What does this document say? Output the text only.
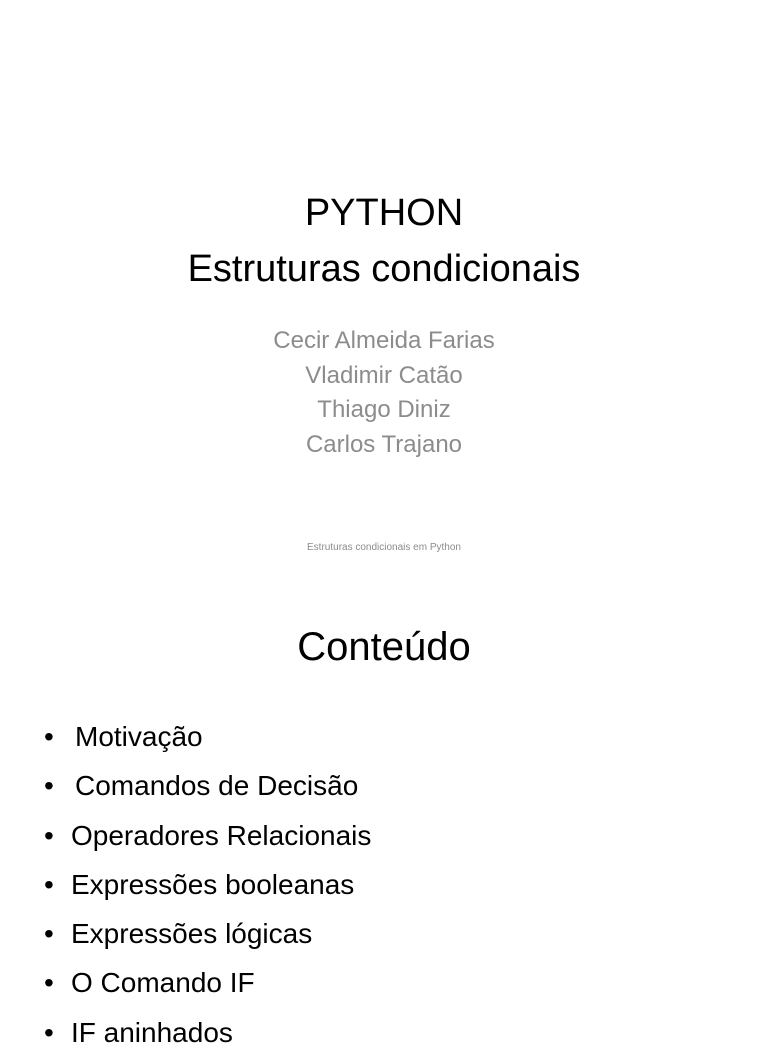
PYTHON
Estruturas condicionais
Cecir Almeida Farias
Vladimir Catão
Thiago Diniz
Carlos Trajano
Estruturas condicionais em Python
Conteúdo
• Motivação
• Comandos de Decisão
• Operadores Relacionais
• Expressões booleanas
• Expressões lógicas
• O Comando IF
• IF aninhados
